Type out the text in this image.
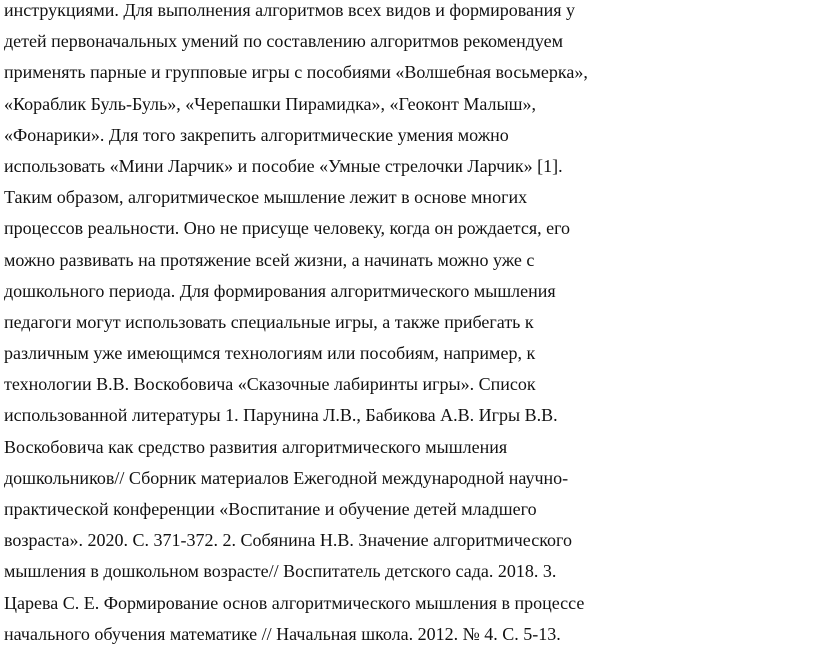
инструкциями. Для выполнения алгоритмов всех видов и формирования у
детей первоначальных умений по составлению алгоритмов рекомендуем
применять парные и групповые игры с пособиями «Волшебная восьмерка»,
«Кораблик Буль-Буль», «Черепашки Пирамидка», «Геоконт Малыш»,
«Фонарики». Для того закрепить алгоритмические умения можно
использовать «Мини Ларчик» и пособие «Умные стрелочки Ларчик» [1].
Таким образом, алгоритмическое мышление лежит в основе многих
процессов реальности. Оно не присуще человеку, когда он рождается, его
можно развивать на протяжение всей жизни, а начинать можно уже с
дошкольного периода. Для формирования алгоритмического мышления
педагоги могут использовать специальные игры, а также прибегать к
различным уже имеющимся технологиям или пособиям, например, к
технологии В.В. Воскобовича «Сказочные лабиринты игры». Список
использованной литературы 1. Парунина Л.В., Бабикова А.В. Игры В.В.
Воскобовича как средство развития алгоритмического мышления
дошкольников// Сборник материалов Ежегодной международной научно-
практической конференции «Воспитание и обучение детей младшего
возраста». 2020. С. 371-372. 2. Собянина Н.В. Значение алгоритмического
мышления в дошкольном возрасте// Воспитатель детского сада. 2018. 3.
Царева С. Е. Формирование основ алгоритмического мышления в процессе
начального обучения математике // Начальная школа. 2012. № 4. С. 5-13.
